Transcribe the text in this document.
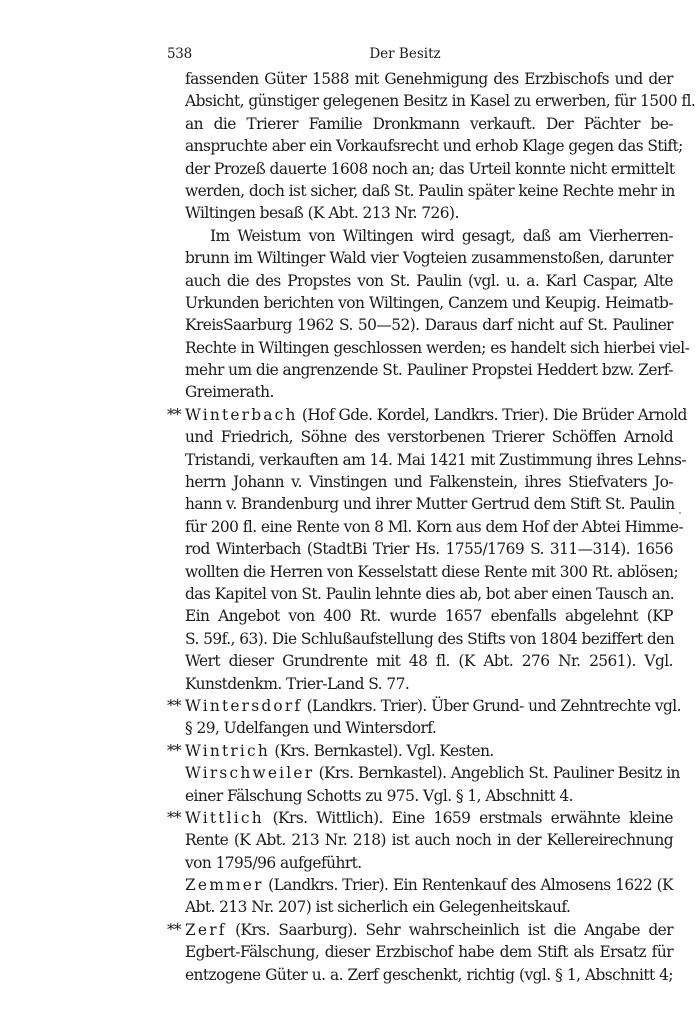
538	Der Besitz
fassenden Güter 1588 mit Genehmigung des Erzbischofs und der
Absicht, günstiger gelegenen Besitz in Kasel zu erwerben, für 1500 fl.
an die Trierer Familie Dronkmann verkauft. Der Pächter be-
anspruchte aber ein Vorkaufsrecht und erhob Klage gegen das Stift;
der Prozeß dauerte 1608 noch an; das Urteil konnte nicht ermittelt
werden, doch ist sicher, daß St. Paulin später keine Rechte mehr in
Wiltingen besaß (K Abt. 213 Nr. 726).
Im Weistum von Wiltingen wird gesagt, daß am Vierherren-
brunn im Wiltinger Wald vier Vogteien zusammenstoßen, darunter
auch die des Propstes von St. Paulin (vgl. u. a. Karl Caspar, Alte
Urkunden berichten von Wiltingen, Canzem und Keupig. Heimatb-
KreisSaarburg 1962 S. 50—52). Daraus darf nicht auf St. Pauliner
Rechte in Wiltingen geschlossen werden; es handelt sich hierbei viel-
mehr um die angrenzende St. Pauliner Propstei Heddert bzw. Zerf-
Greimerath.
** Winterbach (Hof Gde. Kordel, Landkrs. Trier). Die Brüder Arnold
und Friedrich, Söhne des verstorbenen Trierer Schöffen Arnold
Tristandi, verkauften am 14. Mai 1421 mit Zustimmung ihres Lehns-
herrn Johann v. Vinstingen und Falkenstein, ihres Stiefvaters Jo-
hann v. Brandenburg und ihrer Mutter Gertrud dem Stift St. Paulin
für 200 fl. eine Rente von 8 Ml. Korn aus dem Hof der Abtei Himme-
rod Winterbach (StadtBi Trier Hs. 1755/1769 S. 311—314). 1656
wollten die Herren von Kesselstatt diese Rente mit 300 Rt. ablösen;
das Kapitel von St. Paulin lehnte dies ab, bot aber einen Tausch an.
Ein Angebot von 400 Rt. wurde 1657 ebenfalls abgelehnt (KP
S. 59f., 63). Die Schlußaufstellung des Stifts von 1804 beziffert den
Wert dieser Grundrente mit 48 fl. (K Abt. 276 Nr. 2561). Vgl.
Kunstdenkm. Trier-Land S. 77.
** Wintersdorf (Landkrs. Trier). Über Grund- und Zehntrechte vgl.
§ 29, Udelfangen und Wintersdorf.
** Wintrich (Krs. Bernkastel). Vgl. Kesten.
Wirschweiler (Krs. Bernkastel). Angeblich St. Pauliner Besitz in
einer Fälschung Schotts zu 975. Vgl. § 1, Abschnitt 4.
** Wittlich (Krs. Wittlich). Eine 1659 erstmals erwähnte kleine
Rente (K Abt. 213 Nr. 218) ist auch noch in der Kellereirechnung
von 1795/96 aufgeführt.
Zemmer (Landkrs. Trier). Ein Rentenkauf des Almosens 1622 (K
Abt. 213 Nr. 207) ist sicherlich ein Gelegenheitskauf.
** Zerf (Krs. Saarburg). Sehr wahrscheinlich ist die Angabe der
Egbert-Fälschung, dieser Erzbischof habe dem Stift als Ersatz für
entzogene Güter u. a. Zerf geschenkt, richtig (vgl. § 1, Abschnitt 4;
